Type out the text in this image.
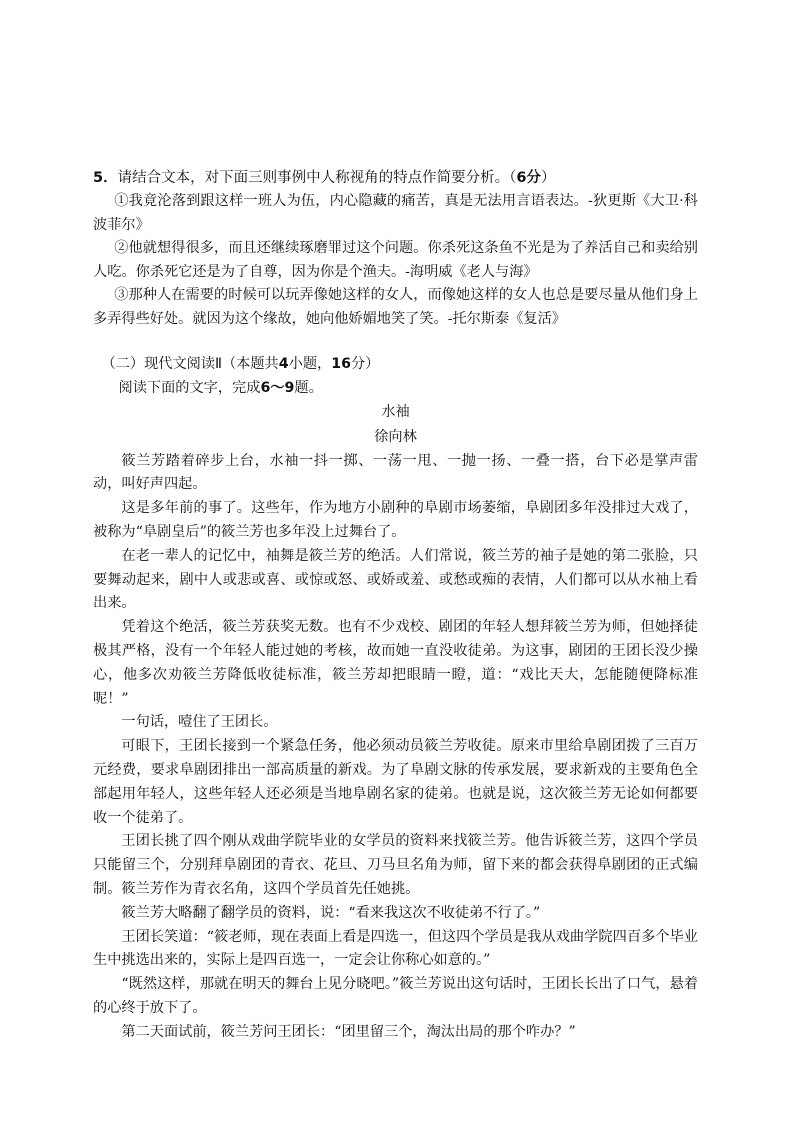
5．请结合文本，对下面三则事例中人称视角的特点作简要分析。（6分）

①我竟沦落到跟这样一班人为伍，内心隐藏的痛苦，真是无法用言语表达。-狄更斯《大卫·科波菲尔》

②他就想得很多，而且还继续琢磨罪过这个问题。你杀死这条鱼不光是为了养活自己和卖给别人吃。你杀死它还是为了自尊，因为你是个渔夫。-海明威《老人与海》

③那种人在需要的时候可以玩弄像她这样的女人，而像她这样的女人也总是要尽量从他们身上多弄得些好处。就因为这个缘故，她向他娇媚地笑了笑。-托尔斯泰《复活》

（二）现代文阅读Ⅱ（本题共4小题，16分）
阅读下面的文字，完成6～9题。
水袖
徐向林

筱兰芳踏着碎步上台，水袖一抖一掷、一荡一甩、一抛一扬、一叠一搭，台下必是掌声雷动，叫好声四起。

这是多年前的事了。这些年，作为地方小剧种的阜剧市场萎缩，阜剧团多年没排过大戏了，被称为“阜剧皇后”的筱兰芳也多年没上过舞台了。

在老一辈人的记忆中，袖舞是筱兰芳的绝活。人们常说，筱兰芳的袖子是她的第二张脸，只要舞动起来，剧中人或悲或喜、或惊或怒、或娇或羞、或愁或痴的表情，人们都可以从水袖上看出来。

凭着这个绝活，筱兰芳获奖无数。也有不少戏校、剧团的年轻人想拜筱兰芳为师，但她择徒极其严格，没有一个年轻人能过她的考核，故而她一直没收徒弟。为这事，剧团的王团长没少操心，他多次劝筱兰芳降低收徒标准，筱兰芳却把眼睛一瞪，道：“戏比天大，怎能随便降标准呢！”

一句话，噎住了王团长。

可眼下，王团长接到一个紧急任务，他必须动员筱兰芳收徒。原来市里给阜剧团拨了三百万元经费，要求阜剧团排出一部高质量的新戏。为了阜剧文脉的传承发展，要求新戏的主要角色全部起用年轻人，这些年轻人还必须是当地阜剧名家的徒弟。也就是说，这次筱兰芳无论如何都要收一个徒弟了。

王团长挑了四个刚从戏曲学院毕业的女学员的资料来找筱兰芳。他告诉筱兰芳，这四个学员只能留三个，分别拜阜剧团的青衣、花旦、刀马旦名角为师，留下来的都会获得阜剧团的正式编制。筱兰芳作为青衣名角，这四个学员首先任她挑。

筱兰芳大略翻了翻学员的资料，说：“看来我这次不收徒弟不行了。”

王团长笑道：“筱老师，现在表面上看是四选一，但这四个学员是我从戏曲学院四百多个毕业生中挑选出来的，实际上是四百选一，一定会让你称心如意的。”

“既然这样，那就在明天的舞台上见分晓吧。”筱兰芳说出这句话时，王团长长出了口气，悬着的心终于放下了。

第二天面试前，筱兰芳问王团长：“团里留三个，淘汰出局的那个咋办？”
